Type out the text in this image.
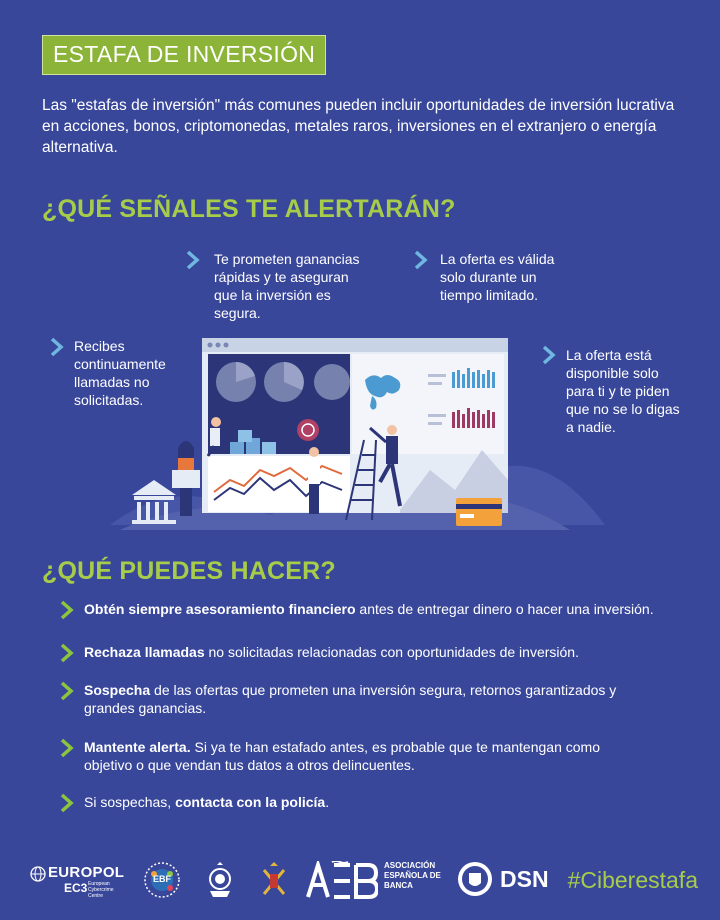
ESTAFA DE INVERSIÓN

Las "estafas de inversión" más comunes pueden incluir oportunidades de inversión lucrativa en acciones, bonos, criptomonedas, metales raros, inversiones en el extranjero o energía alternativa.

¿QUÉ SEÑALES TE ALERTARÁN?
Te prometen ganancias rápidas y te aseguran que la inversión es segura.
La oferta es válida solo durante un tiempo limitado.
Recibes continuamente llamadas no solicitadas.
La oferta está disponible solo para ti y te piden que no se lo digas a nadie.
¿QUÉ PUEDES HACER?
Obtén siempre asesoramiento financiero antes de entregar dinero o hacer una inversión.
Rechaza llamadas no solicitadas relacionadas con oportunidades de inversión.
Sospecha de las ofertas que prometen una inversión segura, retornos garantizados y grandes ganancias.
Mantente alerta. Si ya te han estafado antes, es probable que te mantengan como objetivo o que vendan tus datos a otros delincuentes.
Si sospechas, contacta con la policía.
EUROPOL
EC3 European Cybercrime Centre
EBF
ASOCIACIÓN ESPAÑOLA DE BANCA	DSN #Ciberestafa
